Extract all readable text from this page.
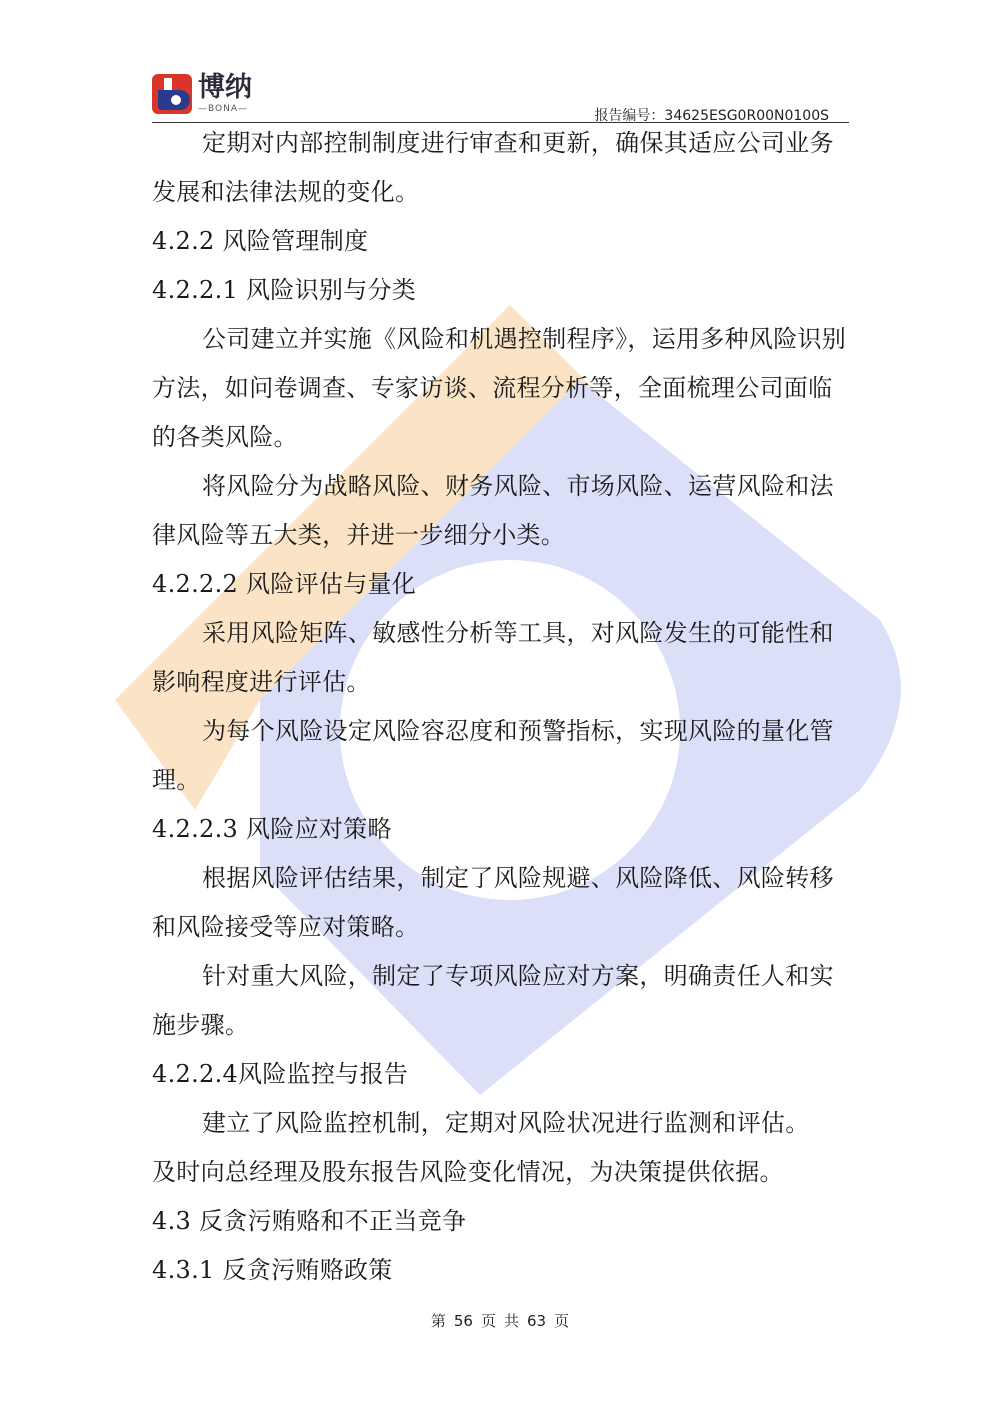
博纳
—BONA—	报告编号：34625ESG0R00N0100S

定期对内部控制制度进行审查和更新，确保其适应公司业务发展和法律法规的变化。

4.2.2 风险管理制度
4.2.2.1 风险识别与分类

公司建立并实施《风险和机遇控制程序》，运用多种风险识别方法，如问卷调查、专家访谈、流程分析等，全面梳理公司面临的各类风险。

将风险分为战略风险、财务风险、市场风险、运营风险和法律风险等五大类，并进一步细分小类。

4.2.2.2 风险评估与量化

采用风险矩阵、敏感性分析等工具，对风险发生的可能性和影响程度进行评估。

为每个风险设定风险容忍度和预警指标，实现风险的量化管理。

4.2.2.3 风险应对策略

根据风险评估结果，制定了风险规避、风险降低、风险转移和风险接受等应对策略。

针对重大风险，制定了专项风险应对方案，明确责任人和实施步骤。

4.2.2.4风险监控与报告

建立了风险监控机制，定期对风险状况进行监测和评估。

及时向总经理及股东报告风险变化情况，为决策提供依据。

4.3 反贪污贿赂和不正当竞争
4.3.1 反贪污贿赂政策
第 56 页 共 63 页
